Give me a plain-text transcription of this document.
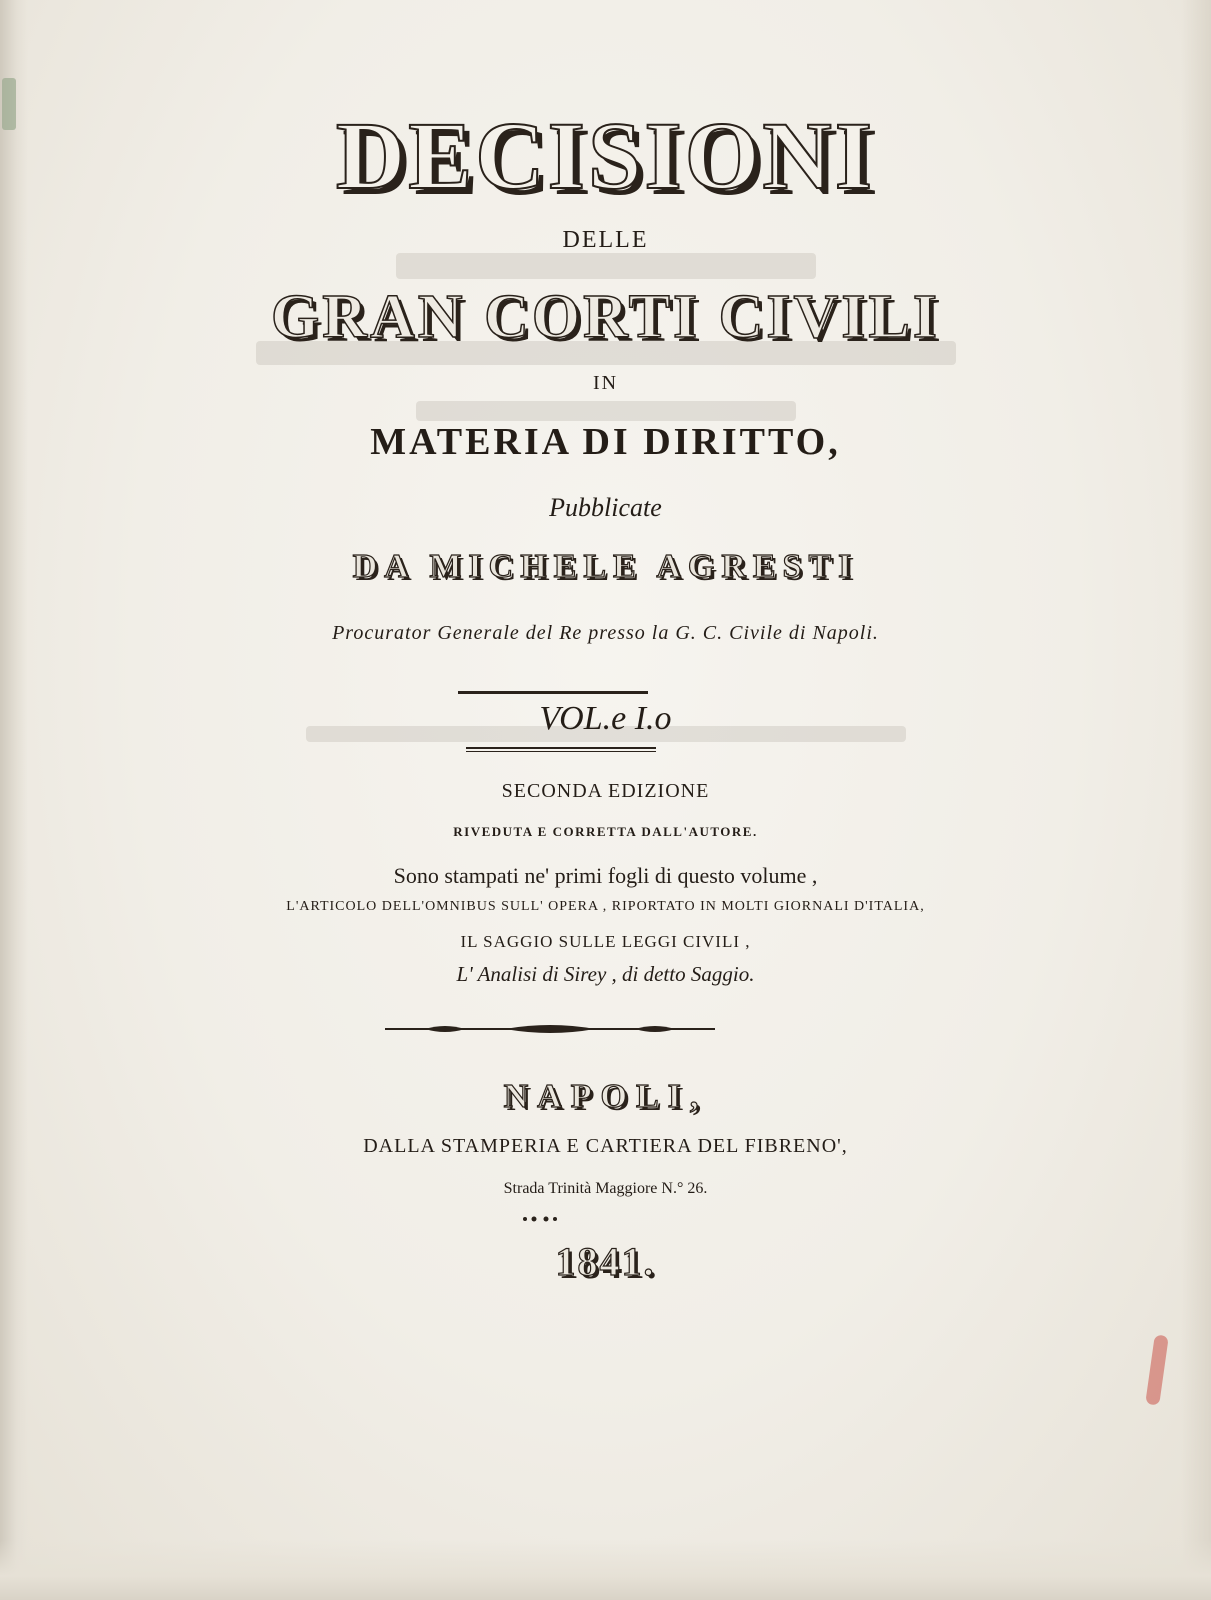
DECISIONI
DELLE
GRAN CORTI CIVILI
IN
MATERIA DI DIRITTO,
Pubblicate
DA MICHELE AGRESTI
Procurator Generale del Re presso la G. C. Civile di Napoli.
VOL.e I.o
SECONDA EDIZIONE
RIVEDUTA E CORRETTA DALL'AUTORE.
Sono stampati ne' primi fogli di questo volume ,
L'ARTICOLO DELL'OMNIBUS SULL' OPERA , RIPORTATO IN MOLTI GIORNALI D'ITALIA,
IL SAGGIO SULLE LEGGI CIVILI ,
L' Analisi di Sirey , di detto Saggio.
NAPOLI,
DALLA STAMPERIA E CARTIERA DEL FIBRENO',
Strada Trinità Maggiore N.° 26.
1841.
